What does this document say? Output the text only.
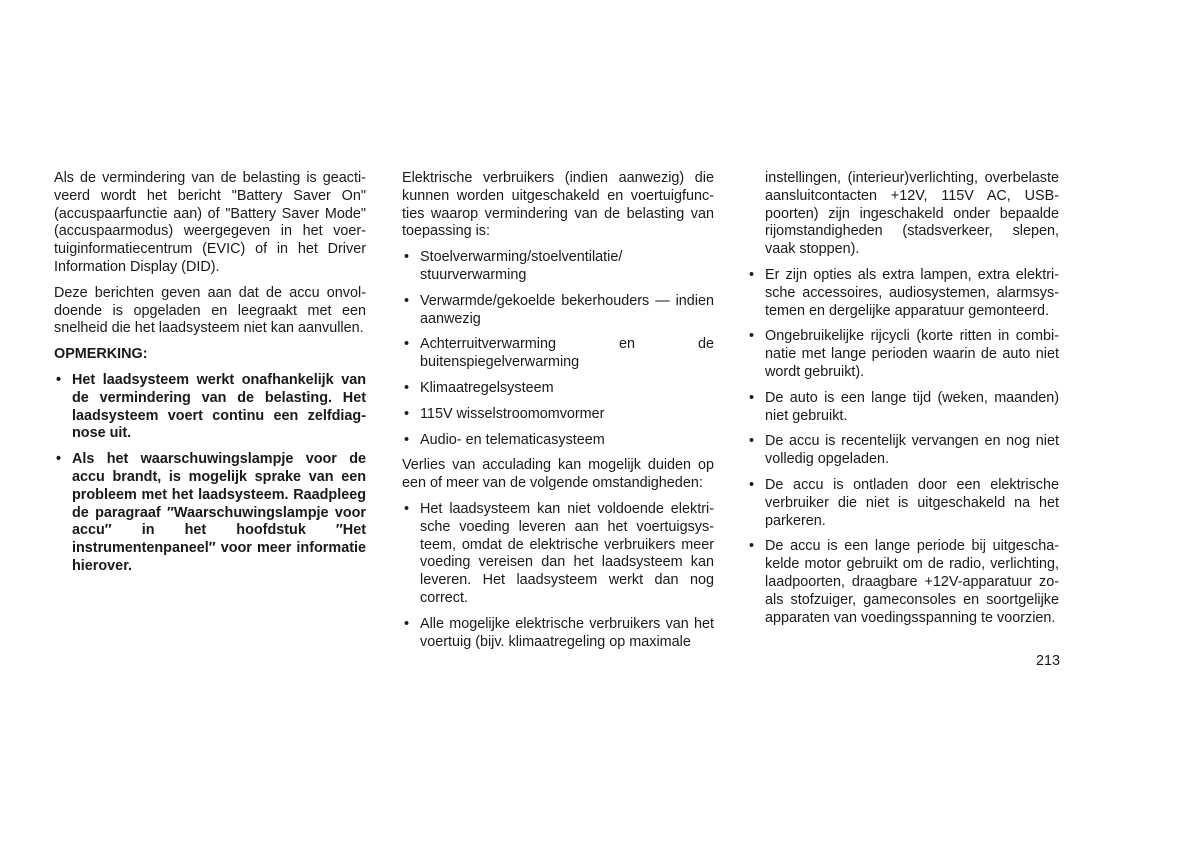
Als de vermindering van de belasting is geactiveerd wordt het bericht "Battery Saver On" (accuspaarfunctie aan) of "Battery Saver Mode" (accuspaarmodus) weergegeven in het voertuiginformatiecentrum (EVIC) of in het Driver Information Display (DID).

Deze berichten geven aan dat de accu onvoldoende is opgeladen en leegraakt met een snelheid die het laadsysteem niet kan aanvullen.

OPMERKING:

• Het laadsysteem werkt onafhankelijk van de vermindering van de belasting. Het laadsysteem voert continu een zelfdiagnose uit.
• Als het waarschuwingslampje voor de accu brandt, is mogelijk sprake van een probleem met het laadsysteem. Raadpleeg de paragraaf ″Waarschuwingslampje voor accu″ in het hoofdstuk ″Het instrumentenpaneel″ voor meer informatie hierover.

Elektrische verbruikers (indien aanwezig) die kunnen worden uitgeschakeld en voertuigfuncties waarop vermindering van de belasting van toepassing is:

• Stoelverwarming/stoelventilatie/ stuurverwarming
• Verwarmde/gekoelde bekerhouders — indien aanwezig
• Achterruitverwarming en de buitenspiegelverwarming
• Klimaatregelsysteem
• 115V wisselstroomomvormer
• Audio- en telematicasysteem

Verlies van acculading kan mogelijk duiden op een of meer van de volgende omstandigheden:

• Het laadsysteem kan niet voldoende elektrische voeding leveren aan het voertuigsysteem, omdat de elektrische verbruikers meer voeding vereisen dan het laadsysteem kan leveren. Het laadsysteem werkt dan nog correct.
• Alle mogelijke elektrische verbruikers van het voertuig (bijv. klimaatregeling op maximale

instellingen, (interieur)verlichting, overbelaste aansluitcontacten +12V, 115V AC, USB-poorten) zijn ingeschakeld onder bepaalde rijomstandigheden (stadsverkeer, slepen, vaak stoppen).

• Er zijn opties als extra lampen, extra elektrische accessoires, audiosystemen, alarmsystemen en dergelijke apparatuur gemonteerd.
• Ongebruikelijke rijcycli (korte ritten in combinatie met lange perioden waarin de auto niet wordt gebruikt).
• De auto is een lange tijd (weken, maanden) niet gebruikt.
• De accu is recentelijk vervangen en nog niet volledig opgeladen.
• De accu is ontladen door een elektrische verbruiker die niet is uitgeschakeld na het parkeren.
• De accu is een lange periode bij uitgeschakelde motor gebruikt om de radio, verlichting, laadpoorten, draagbare +12V-apparatuur zoals stofzuiger, gameconsoles en soortgelijke apparaten van voedingsspanning te voorzien.
213
